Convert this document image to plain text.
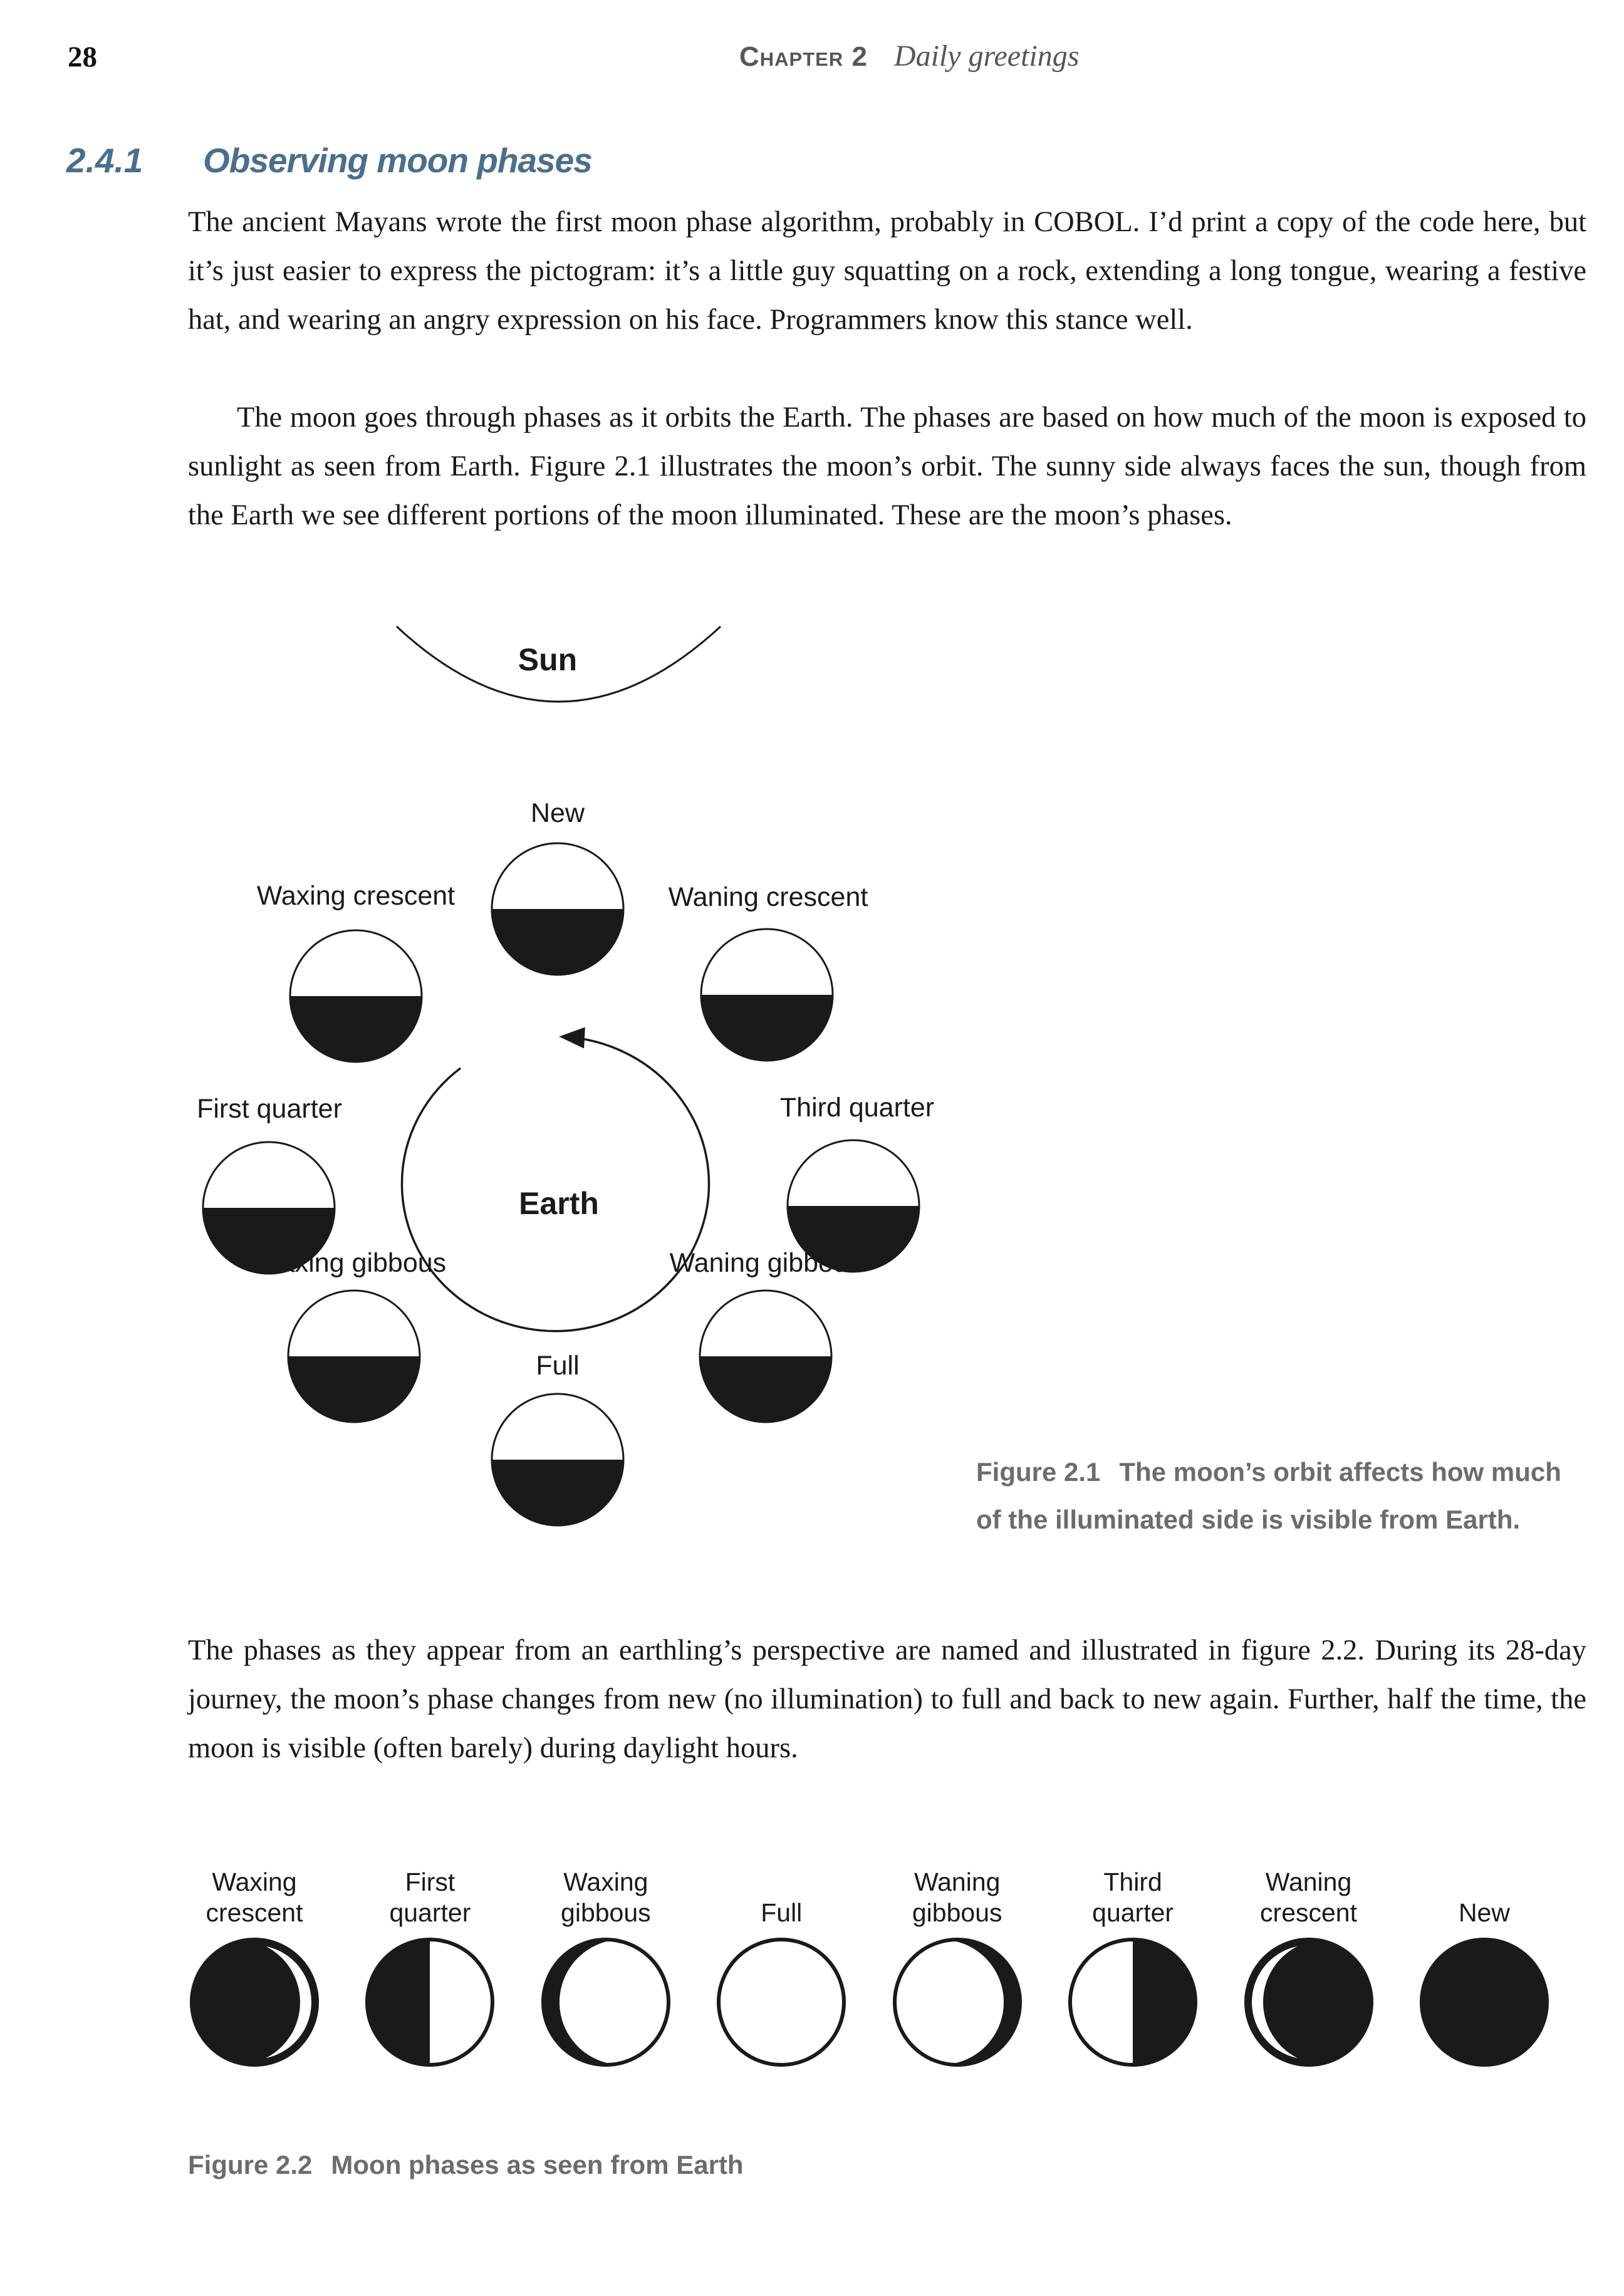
28	Chapter 2 Daily greetings
2.4.1 Observing moon phases
The ancient Mayans wrote the first moon phase algorithm, probably in COBOL. I’d print a copy of the code here, but it’s just easier to express the pictogram: it’s a little guy squatting on a rock, extending a long tongue, wearing a festive hat, and wearing an angry expression on his face. Programmers know this stance well.
The moon goes through phases as it orbits the Earth. The phases are based on how much of the moon is exposed to sunlight as seen from Earth. Figure 2.1 illustrates the moon’s orbit. The sunny side always faces the sun, though from the Earth we see different portions of the moon illuminated. These are the moon’s phases.
The phases as they appear from an earthling’s perspective are named and illustrated in figure 2.2. During its 28-day journey, the moon’s phase changes from new (no illumination) to full and back to new again. Further, half the time, the moon is visible (often barely) during daylight hours.
Sun
Earth
New
Waxing crescent	Waning crescent
First quarter	Third quarter
Waxing gibbous	Waning gibbous
Full
Figure 2.1 The moon’s orbit affects how much of the illuminated side is visible from Earth.
Waxing
crescent
First
quarter
Waxing
gibbous	Full
Waning
gibbous
Third
quarter
Waning
crescent	New
Figure 2.2 Moon phases as seen from Earth
